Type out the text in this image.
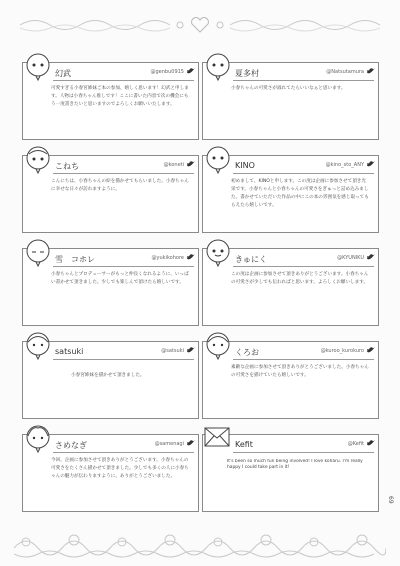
幻武	@genbu0915
可愛すぎる小春宮姉妹ご本の参加、嬉しく思います！幻武と申します。人物は小春ちゃん推しです！ここに書いた内容で次の機会にもう一度書きたいと思いますのでよろしくお願いいたします。
夏多村	@Natsutamura
小春ちゃんの可愛さが溢れてたらいいなぁと思います。
こねち	@koneti
こんにちは、小春ちゃんの絵を描かせてもらいました。小春ちゃんに幸せな日々が訪れますように。
KINO	@kino_sto_ANY
初めまして、KINOと申します。この度は企画に参加させて頂き光栄です。小春ちゃんと小春ちゃんの可愛さをぎゅっと詰め込みました。書かせていただいた作品の中にこの本の雰囲気を感じ取ってもらえたら嬉しいです。
雪　コホレ	@yukikohore
小春ちゃんとプロデューサーがもっと仲良くなれるように、いっぱい書かせて頂きました。少しでも楽しんで頂けたら嬉しいです。
きゅにく	@KYUNIKU
この度は企画に参加させて頂きありがとうございます。小春ちゃんの可愛さが少しでも伝わればと思います。よろしくお願いします。
satsuki	@satsuki
小春宮姉妹を描かせて頂きました。
くろお	@kuroo_kurokuro
素敵な企画に参加させて頂きありがとうございました。小春ちゃんの可愛さを描けていたら嬉しいです。
さめなぎ	@samenagi
今回、企画に参加させて頂きありがとうございます。小春ちゃんの可愛さをたくさん描かせて頂きました。少しでも多くの人に小春ちゃんの魅力が伝わりますように。ありがとうございました。
Kefit	@Kefit
It's been so much fun being involved! I love koharu. I'm really happy I could take part in it!
69
